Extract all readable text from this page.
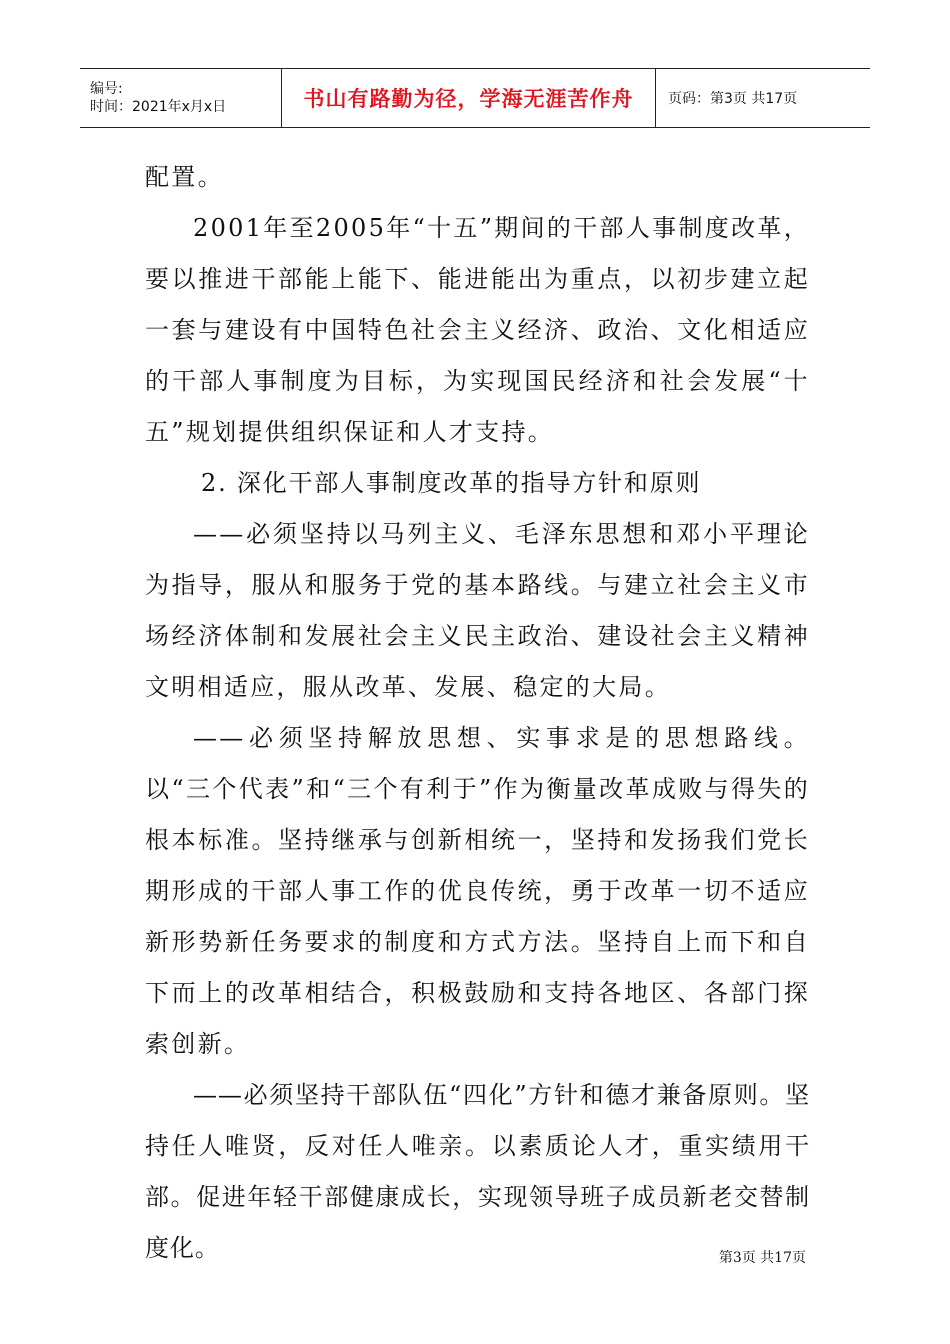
编号:
时间：2021年x月x日	书山有路勤为径，学海无涯苦作舟 页码：第3页 共17页

配置。

2001年至2005年“十五”期间的干部人事制度改革，要以推进干部能上能下、能进能出为重点，以初步建立起一套与建设有中国特色社会主义经济、政治、文化相适应的干部人事制度为目标，为实现国民经济和社会发展“十五”规划提供组织保证和人才支持。

2. 深化干部人事制度改革的指导方针和原则

——必须坚持以马列主义、毛泽东思想和邓小平理论为指导，服从和服务于党的基本路线。与建立社会主义市场经济体制和发展社会主义民主政治、建设社会主义精神文明相适应，服从改革、发展、稳定的大局。

——必须坚持解放思想、实事求是的思想路线。以“三个代表”和“三个有利于”作为衡量改革成败与得失的根本标准。坚持继承与创新相统一，坚持和发扬我们党长期形成的干部人事工作的优良传统，勇于改革一切不适应新形势新任务要求的制度和方式方法。坚持自上而下和自下而上的改革相结合，积极鼓励和支持各地区、各部门探索创新。

——必须坚持干部队伍“四化”方针和德才兼备原则。坚持任人唯贤，反对任人唯亲。以素质论人才，重实绩用干部。促进年轻干部健康成长，实现领导班子成员新老交替制度化。	第3页 共17页
